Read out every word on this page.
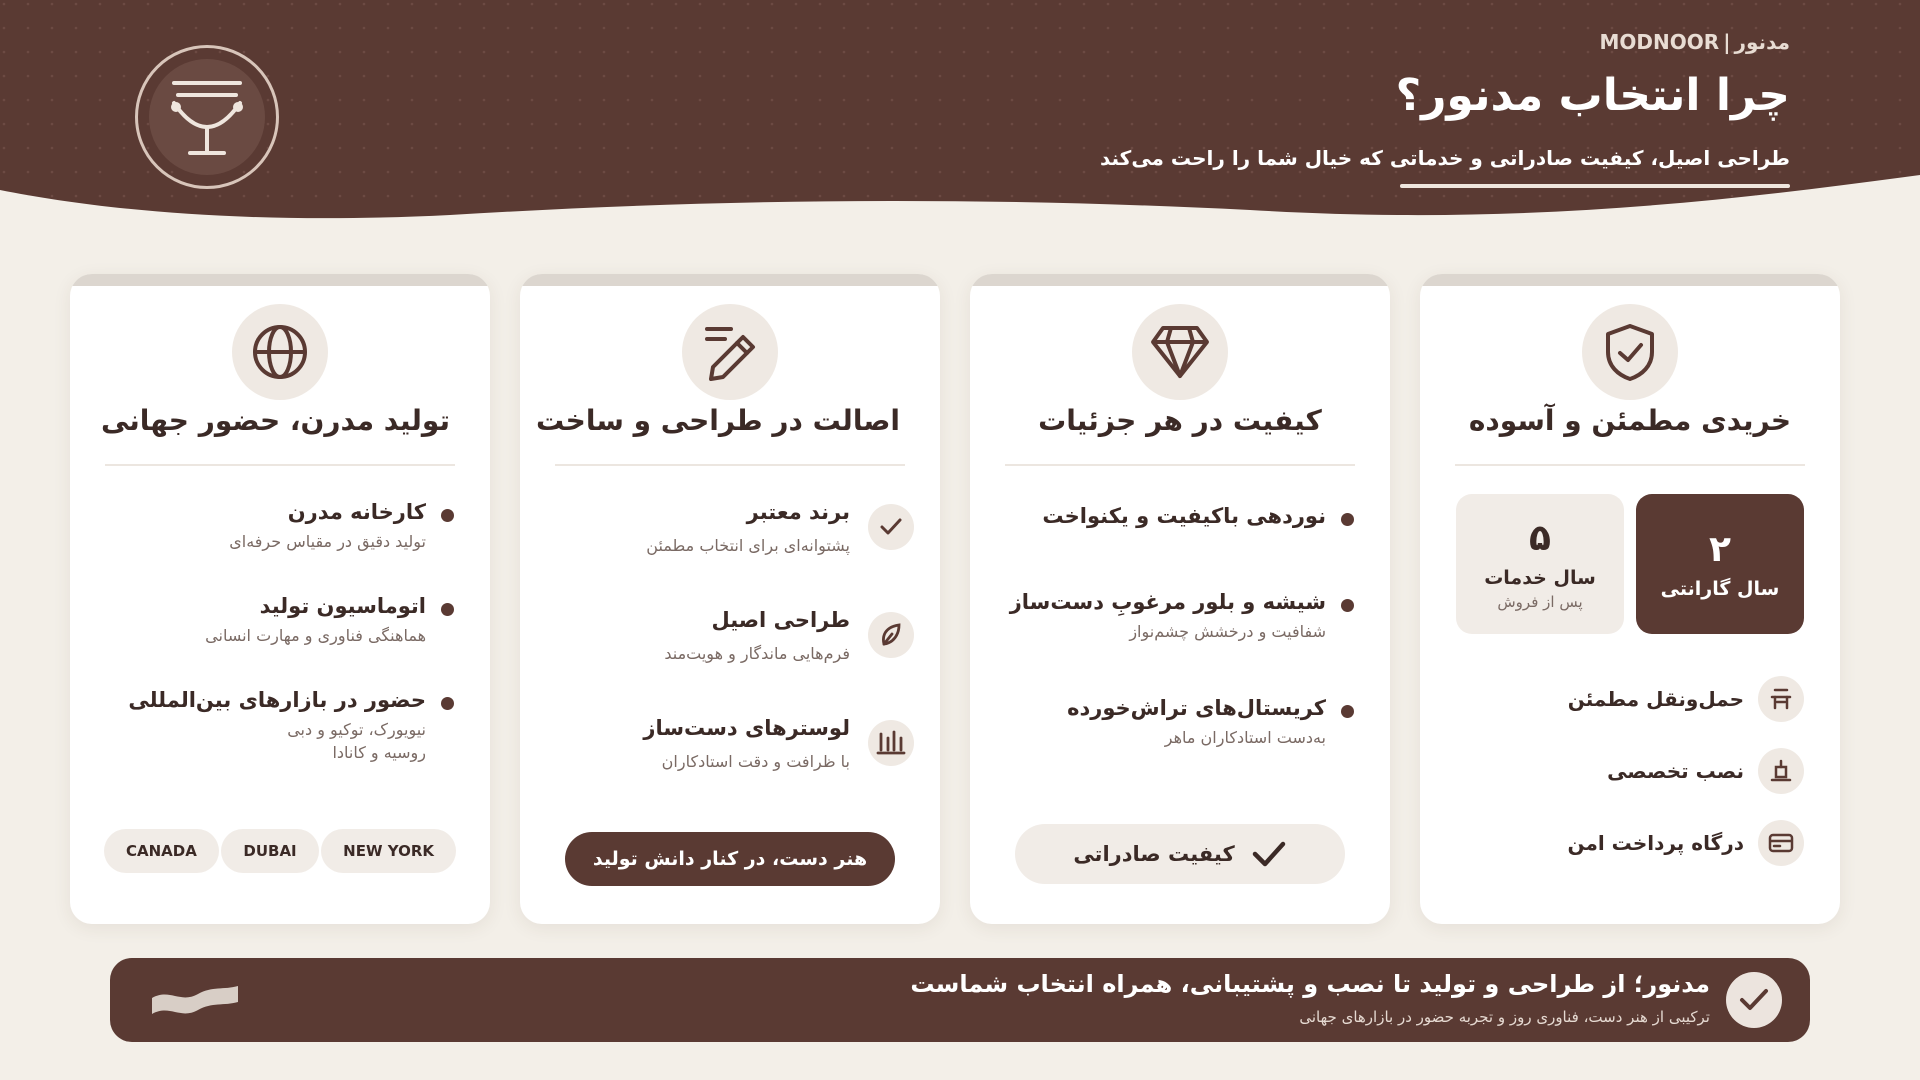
MODNOOR | مدنور
چرا انتخاب مدنور؟
طراحی اصیل، کیفیت صادراتی و خدماتی که خیال شما را راحت می‌کند
خریدی مطمئن و آسوده
۲
سال گارانتی
۵
سال خدمات
پس از فروش
حمل‌ونقل مطمئن
نصب تخصصی
درگاه پرداخت امن
کیفیت در هر جزئیات
نوردهی باکیفیت و یکنواخت
شیشه و بلور مرغوبِ دست‌ساز
شفافیت و درخشش چشم‌نواز
کریستال‌های تراش‌خورده
به‌دست استادکاران ماهر
کیفیت صادراتی
اصالت در طراحی و ساخت
برند معتبر
پشتوانه‌ای برای انتخاب مطمئن
طراحی اصیل
فرم‌هایی ماندگار و هویت‌مند
لوسترهای دست‌ساز
با ظرافت و دقت استادکاران
هنر دست، در کنار دانش تولید
تولید مدرن، حضور جهانی
کارخانه مدرن
تولید دقیق در مقیاس حرفه‌ای
اتوماسیون تولید
هماهنگی فناوری و مهارت انسانی
حضور در بازارهای بین‌المللی
نیویورک، توکیو و دبی
روسیه و کانادا
CANADA	DUBAI	NEW YORK
مدنور؛ از طراحی و تولید تا نصب و پشتیبانی، همراه انتخاب شماست
ترکیبی از هنر دست، فناوری روز و تجربه حضور در بازارهای جهانی
